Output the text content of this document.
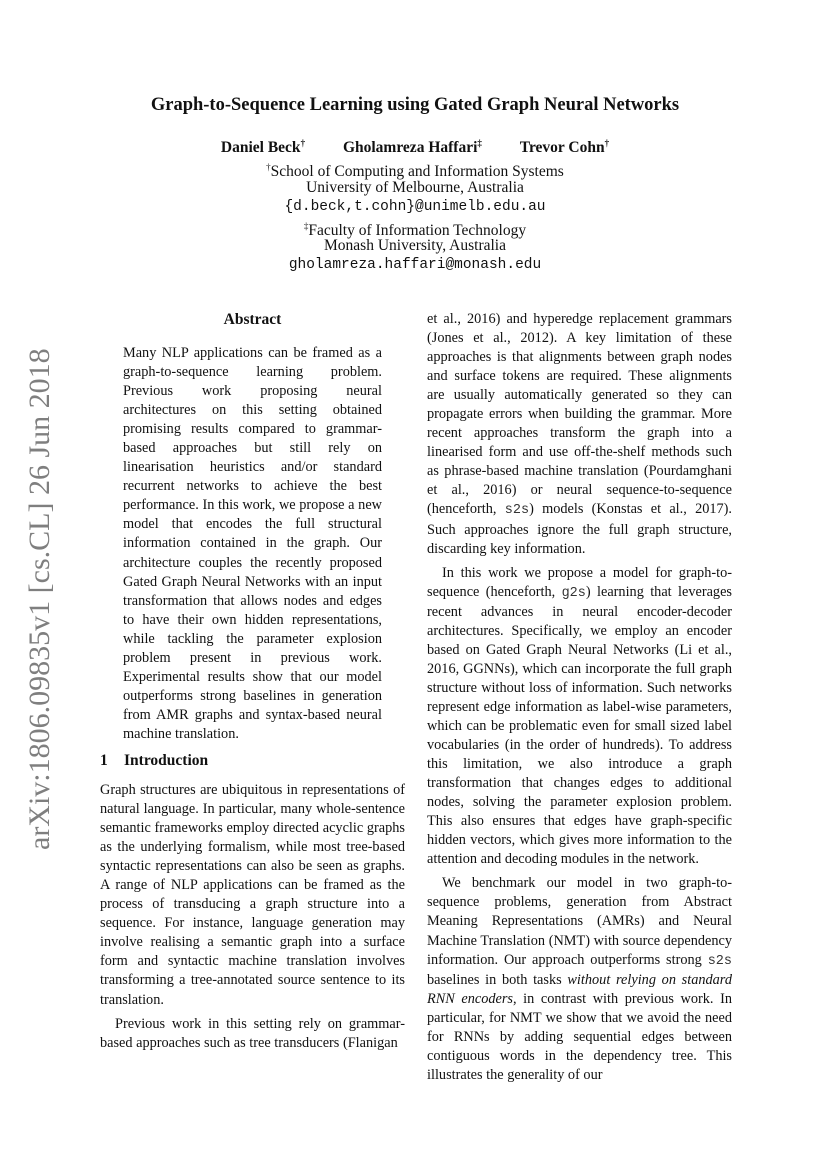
arXiv:1806.09835v1 [cs.CL] 26 Jun 2018
Graph-to-Sequence Learning using Gated Graph Neural Networks
Daniel Beck† Gholamreza Haffari‡ Trevor Cohn†
†School of Computing and Information Systems
University of Melbourne, Australia
{d.beck,t.cohn}@unimelb.edu.au
‡Faculty of Information Technology
Monash University, Australia
gholamreza.haffari@monash.edu
Abstract
Many NLP applications can be framed as a graph-to-sequence learning problem. Previous work proposing neural architectures on this setting obtained promising results compared to grammar-based approaches but still rely on linearisation heuristics and/or standard recurrent networks to achieve the best performance. In this work, we propose a new model that encodes the full structural information contained in the graph. Our architecture couples the recently proposed Gated Graph Neural Networks with an input transformation that allows nodes and edges to have their own hidden representations, while tackling the parameter explosion problem present in previous work. Experimental results show that our model outperforms strong baselines in generation from AMR graphs and syntax-based neural machine translation.
1 Introduction

Graph structures are ubiquitous in representations of natural language. In particular, many whole-sentence semantic frameworks employ directed acyclic graphs as the underlying formalism, while most tree-based syntactic representations can also be seen as graphs. A range of NLP applications can be framed as the process of transducing a graph structure into a sequence. For instance, language generation may involve realising a semantic graph into a surface form and syntactic machine translation involves transforming a tree-annotated source sentence to its translation.

Previous work in this setting rely on grammar-based approaches such as tree transducers (Flanigan

et al., 2016) and hyperedge replacement grammars (Jones et al., 2012). A key limitation of these approaches is that alignments between graph nodes and surface tokens are required. These alignments are usually automatically generated so they can propagate errors when building the grammar. More recent approaches transform the graph into a linearised form and use off-the-shelf methods such as phrase-based machine translation (Pourdamghani et al., 2016) or neural sequence-to-sequence (henceforth, s2s) models (Konstas et al., 2017). Such approaches ignore the full graph structure, discarding key information.

In this work we propose a model for graph-to-sequence (henceforth, g2s) learning that leverages recent advances in neural encoder-decoder architectures. Specifically, we employ an encoder based on Gated Graph Neural Networks (Li et al., 2016, GGNNs), which can incorporate the full graph structure without loss of information. Such networks represent edge information as label-wise parameters, which can be problematic even for small sized label vocabularies (in the order of hundreds). To address this limitation, we also introduce a graph transformation that changes edges to additional nodes, solving the parameter explosion problem. This also ensures that edges have graph-specific hidden vectors, which gives more information to the attention and decoding modules in the network.

We benchmark our model in two graph-to-sequence problems, generation from Abstract Meaning Representations (AMRs) and Neural Machine Translation (NMT) with source dependency information. Our approach outperforms strong s2s baselines in both tasks without relying on standard RNN encoders, in contrast with previous work. In particular, for NMT we show that we avoid the need for RNNs by adding sequential edges between contiguous words in the dependency tree. This illustrates the generality of our
